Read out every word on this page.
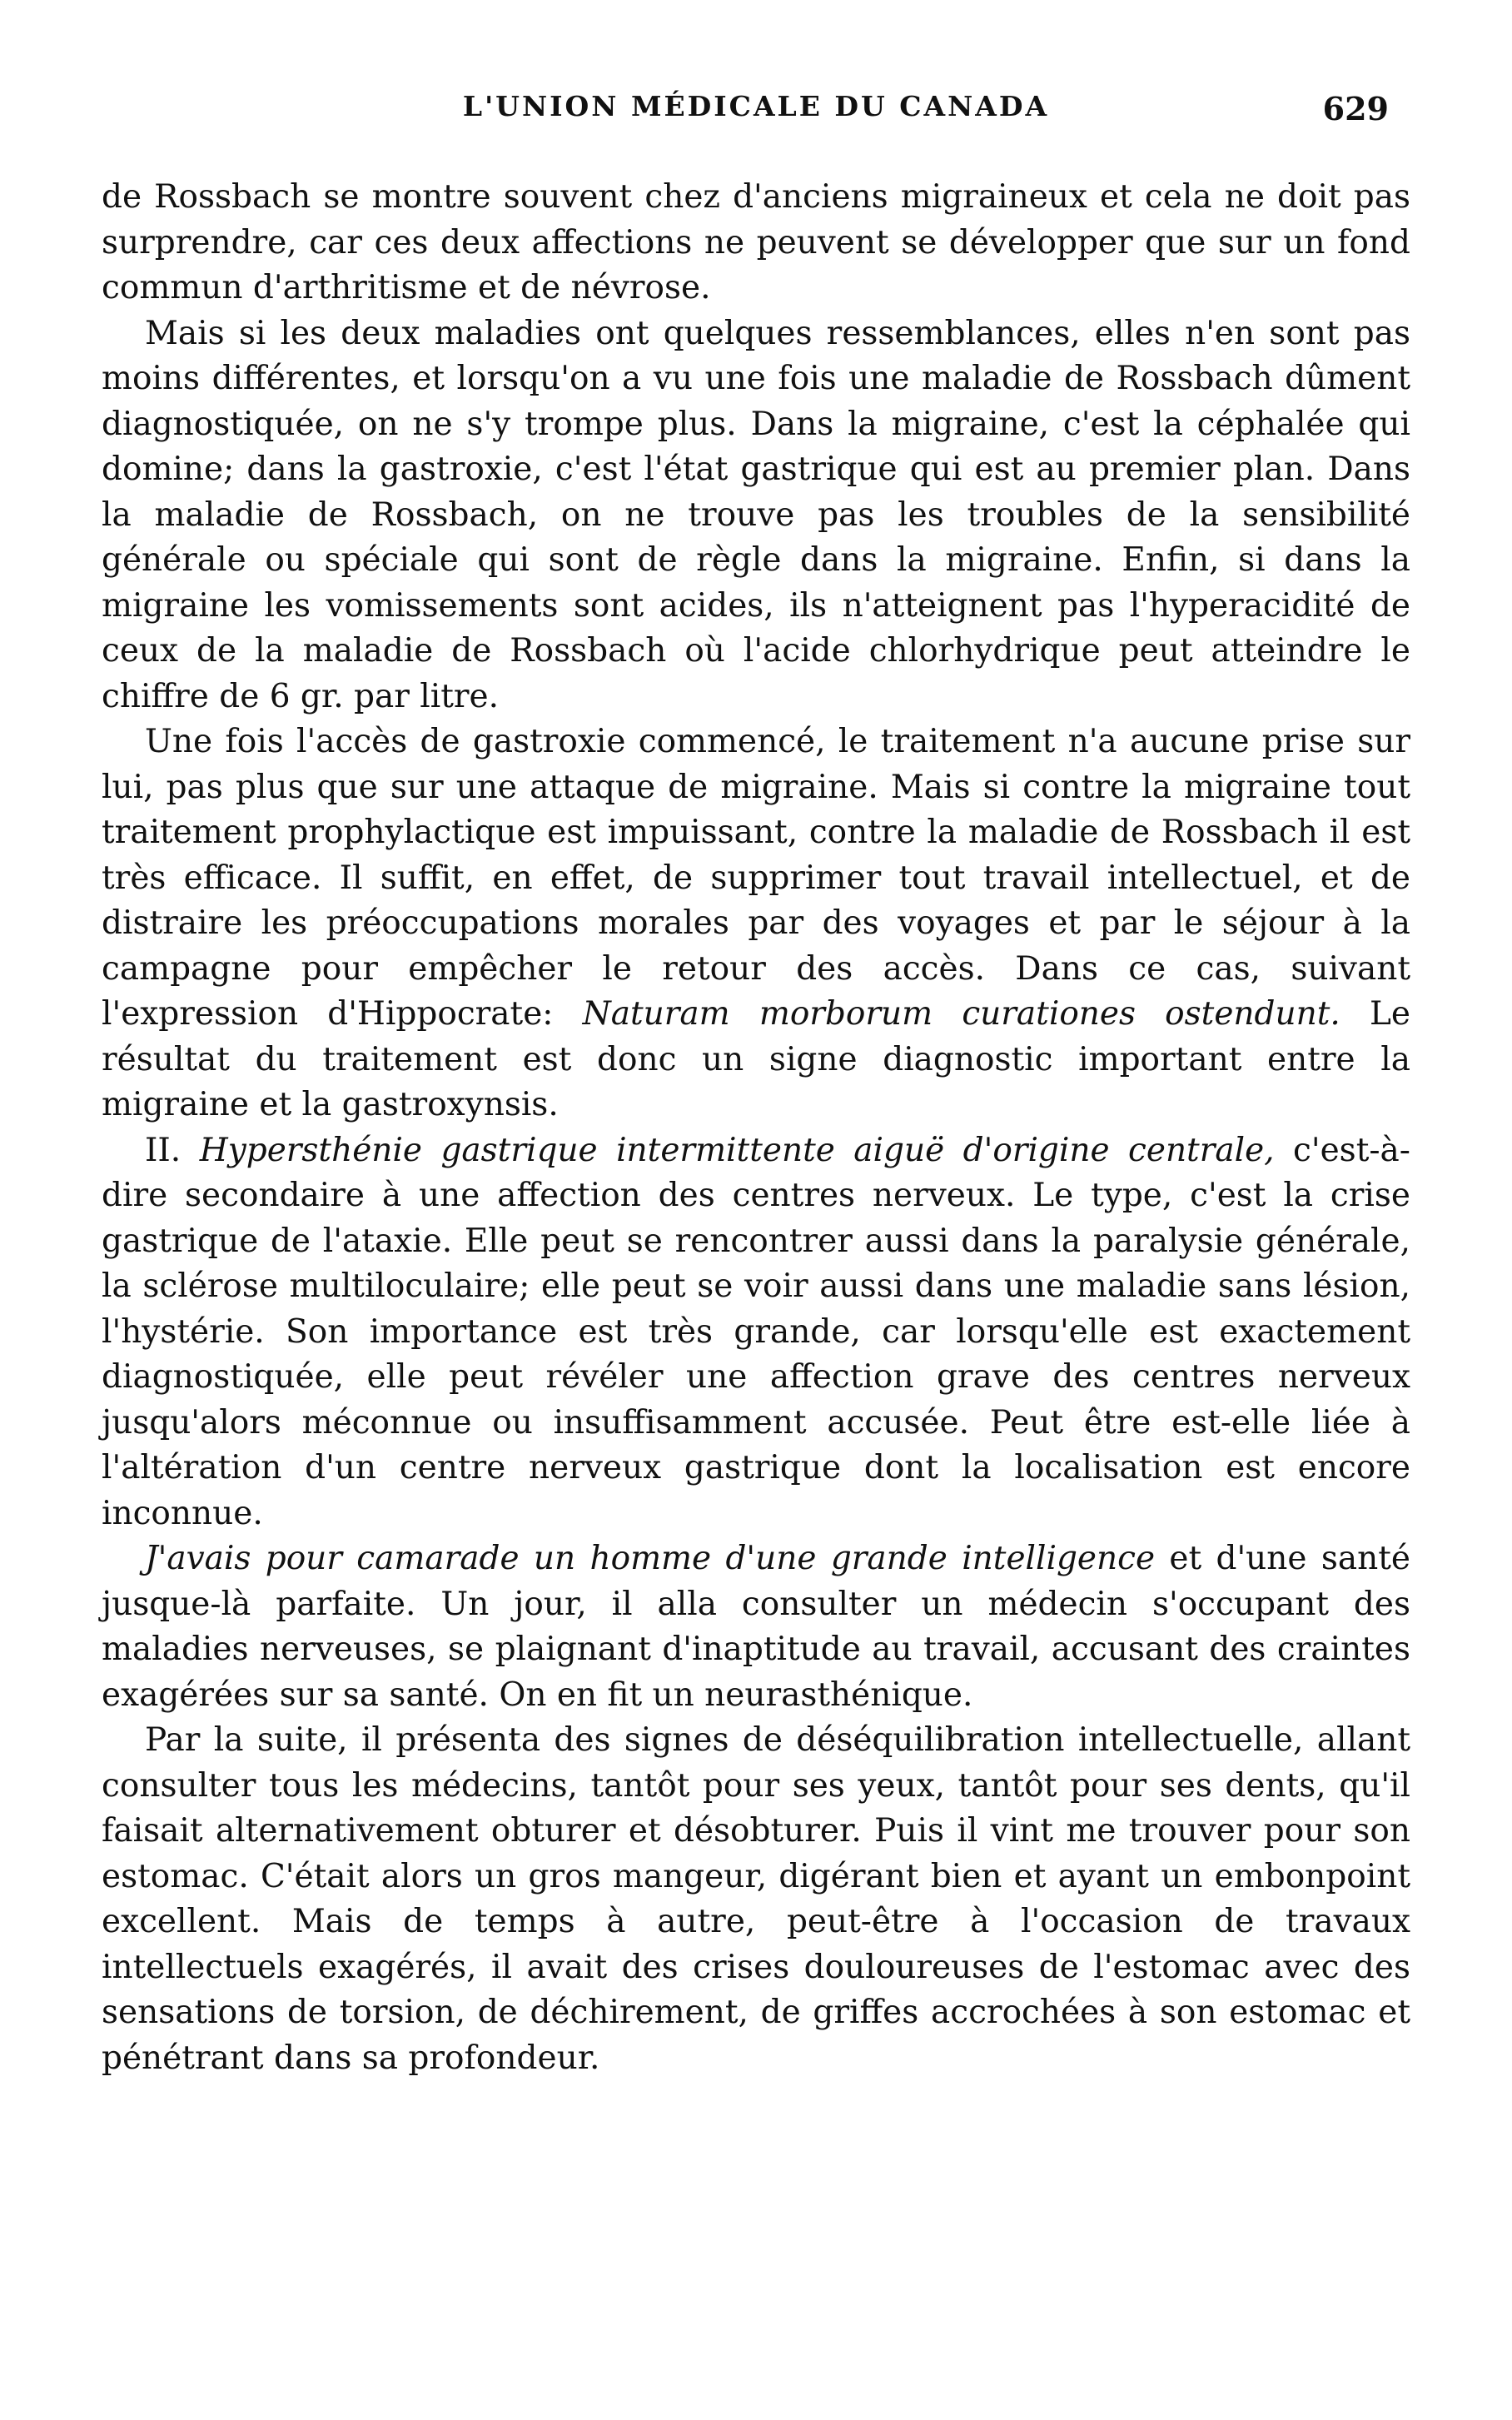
L'UNION MÉDICALE DU CANADA	629

de Rossbach se montre souvent chez d'anciens migraineux et cela ne doit pas surprendre, car ces deux affections ne peuvent se développer que sur un fond commun d'arthritisme et de névrose.

Mais si les deux maladies ont quelques ressemblances, elles n'en sont pas moins différentes, et lorsqu'on a vu une fois une maladie de Rossbach dûment diagnostiquée, on ne s'y trompe plus. Dans la migraine, c'est la céphalée qui domine; dans la gastroxie, c'est l'état gastrique qui est au premier plan. Dans la maladie de Rossbach, on ne trouve pas les troubles de la sensibilité générale ou spéciale qui sont de règle dans la migraine. Enfin, si dans la migraine les vomissements sont acides, ils n'atteignent pas l'hyperacidité de ceux de la maladie de Rossbach où l'acide chlorhydrique peut atteindre le chiffre de 6 gr. par litre.

Une fois l'accès de gastroxie commencé, le traitement n'a aucune prise sur lui, pas plus que sur une attaque de migraine. Mais si contre la migraine tout traitement prophylactique est impuissant, contre la maladie de Rossbach il est très efficace. Il suffit, en effet, de supprimer tout travail intellectuel, et de distraire les préoccupations morales par des voyages et par le séjour à la campagne pour empêcher le retour des accès. Dans ce cas, suivant l'expression d'Hippocrate: Naturam morborum curationes ostendunt. Le résultat du traitement est donc un signe diagnostic important entre la migraine et la gastroxynsis.

II. Hypersthénie gastrique intermittente aiguë d'origine centrale, c'est-à-dire secondaire à une affection des centres nerveux. Le type, c'est la crise gastrique de l'ataxie. Elle peut se rencontrer aussi dans la paralysie générale, la sclérose multiloculaire; elle peut se voir aussi dans une maladie sans lésion, l'hystérie. Son importance est très grande, car lorsqu'elle est exactement diagnostiquée, elle peut révéler une affection grave des centres nerveux jusqu'alors méconnue ou insuffisamment accusée. Peut être est-elle liée à l'altération d'un centre nerveux gastrique dont la localisation est encore inconnue.

J'avais pour camarade un homme d'une grande intelligence et d'une santé jusque-là parfaite. Un jour, il alla consulter un médecin s'occupant des maladies nerveuses, se plaignant d'inaptitude au travail, accusant des craintes exagérées sur sa santé. On en fit un neurasthénique.

Par la suite, il présenta des signes de déséquilibration intellectuelle, allant consulter tous les médecins, tantôt pour ses yeux, tantôt pour ses dents, qu'il faisait alternativement obturer et désobturer. Puis il vint me trouver pour son estomac. C'était alors un gros mangeur, digérant bien et ayant un embonpoint excellent. Mais de temps à autre, peut-être à l'occasion de travaux intellectuels exagérés, il avait des crises douloureuses de l'estomac avec des sensations de torsion, de déchirement, de griffes accrochées à son estomac et pénétrant dans sa profondeur.
